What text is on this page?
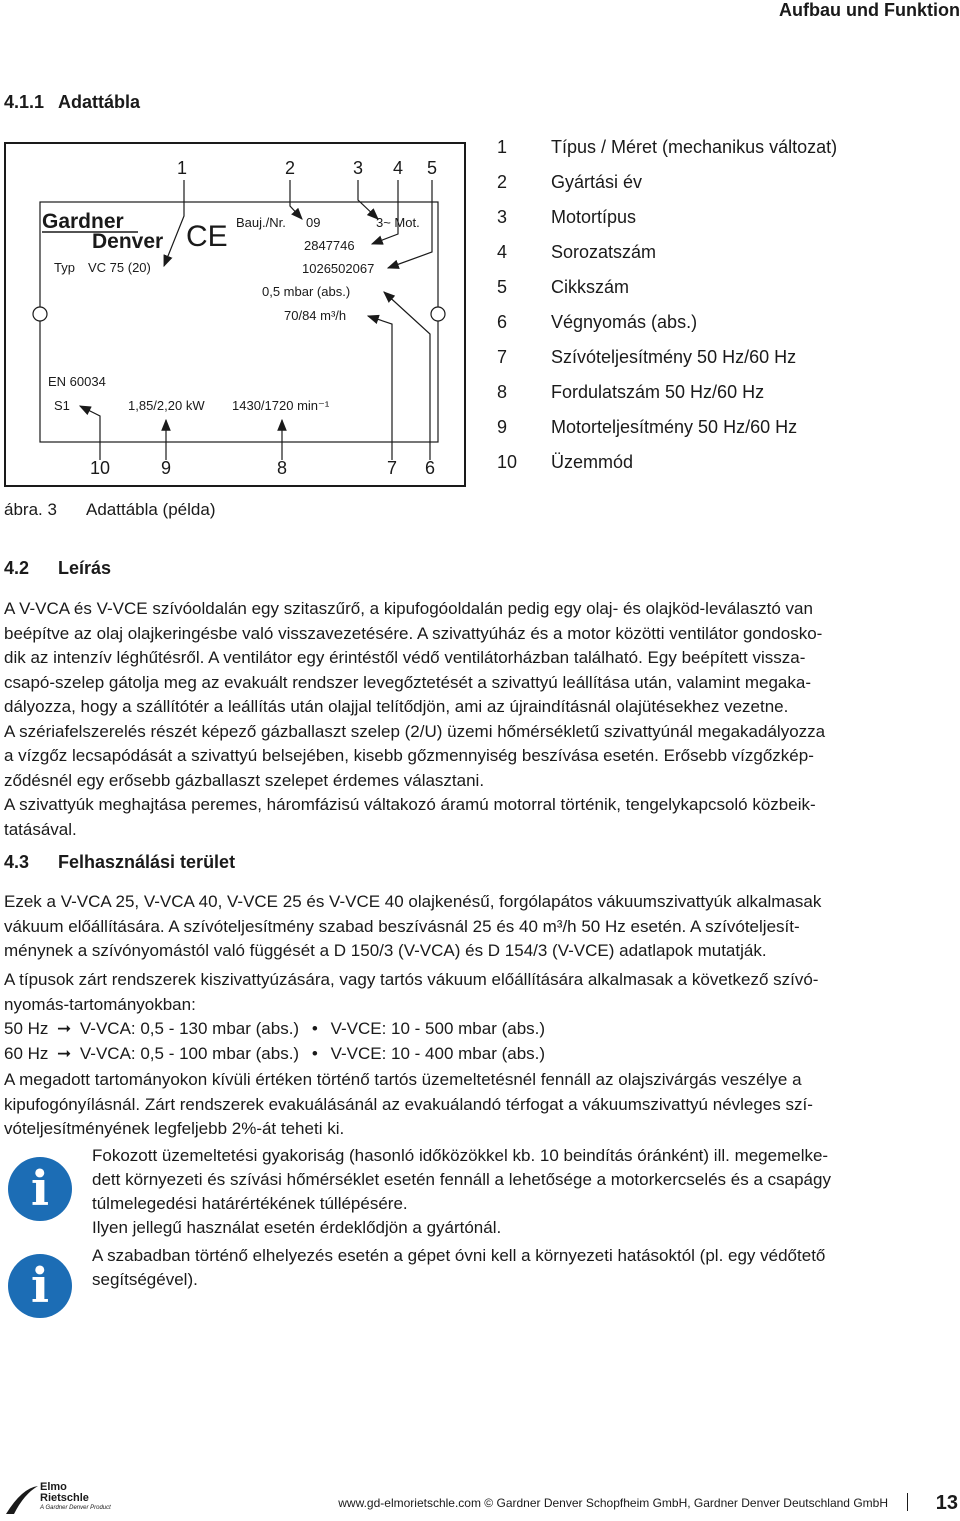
Aufbau und Funktion
4.1.1 Adattábla
1	2	3 4 5
Gardner
Denver CE
Typ VC 75 (20)
Bauj./Nr. 09	3~ Mot.
2847746
1026502067
0,5 mbar (abs.)
70/84 m³/h
EN 60034
S1	1,85/2,20 kW 1430/1720 min⁻¹
10	9	8	7 6
1 Típus / Méret (mechanikus változat)
2 Gyártási év
3 Motortípus
4 Sorozatszám
5 Cikkszám
6 Végnyomás (abs.)
7 Szívóteljesítmény 50 Hz/60 Hz
8 Fordulatszám 50 Hz/60 Hz
9 Motorteljesítmény 50 Hz/60 Hz
10 Üzemmód
ábra. 3 Adattábla (példa)
4.2 Leírás
A V-VCA és V-VCE szívóoldalán egy szitaszűrő, a kipufogóoldalán pedig egy olaj- és olajköd-leválasztó van
beépítve az olaj olajkeringésbe való visszavezetésére. A szivattyúház és a motor közötti ventilátor gondosko-
dik az intenzív léghűtésről. A ventilátor egy érintéstől védő ventilátorházban található. Egy beépített vissza-
csapó-szelep gátolja meg az evakuált rendszer levegőztetését a szivattyú leállítása után, valamint megaka-
dályozza, hogy a szállítótér a leállítás után olajjal telítődjön, ami az újraindításnál olajütésekhez vezetne.
A szériafelszerelés részét képező gázballaszt szelep (2/U) üzemi hőmérsékletű szivattyúnál megakadályozza
a vízgőz lecsapódását a szivattyú belsejében, kisebb gőzmennyiség beszívása esetén. Erősebb vízgőzkép-
ződésnél egy erősebb gázballaszt szelepet érdemes választani.
A szivattyúk meghajtása peremes, háromfázisú váltakozó áramú motorral történik, tengelykapcsoló közbeik-
tatásával.
4.3 Felhasználási terület
Ezek a V-VCA 25, V-VCA 40, V-VCE 25 és V-VCE 40 olajkenésű, forgólapátos vákuumszivattyúk alkalmasak
vákuum előállítására. A szívóteljesítmény szabad beszívásnál 25 és 40 m³/h 50 Hz esetén. A szívóteljesít-
ménynek a szívónyomástól való függését a D 150/3 (V-VCA) és D 154/3 (V-VCE) adatlapok mutatják.
A típusok zárt rendszerek kiszivattyúzására, vagy tartós vákuum előállítására alkalmasak a következő szívó-
nyomás-tartományokban:
50 Hz ➞ V-VCA: 0,5 - 130 mbar (abs.) • V-VCE: 10 - 500 mbar (abs.)
60 Hz ➞ V-VCA: 0,5 - 100 mbar (abs.) • V-VCE: 10 - 400 mbar (abs.)
A megadott tartományokon kívüli értéken történő tartós üzemeltetésnél fennáll az olajszivárgás veszélye a
kipufogónyílásnál. Zárt rendszerek evakuálásánál az evakuálandó térfogat a vákuumszivattyú névleges szí-
vóteljesítményének legfeljebb 2%-át teheti ki.
i
Fokozott üzemeltetési gyakoriság (hasonló időközökkel kb. 10 beindítás óránként) ill. megemelke-
dett környezeti és szívási hőmérséklet esetén fennáll a lehetősége a motorkercselés és a csapágy
túlmelegedési határértékének túllépésére.
Ilyen jellegű használat esetén érdeklődjön a gyártónál.
i
A szabadban történő elhelyezés esetén a gépet óvni kell a környezeti hatásoktól (pl. egy védőtető
segítségével).
Elmo
Rietschle
A Gardner Denver Product	www.gd-elmorietschle.com © Gardner Denver Schopfheim GmbH, Gardner Denver Deutschland GmbH 13
